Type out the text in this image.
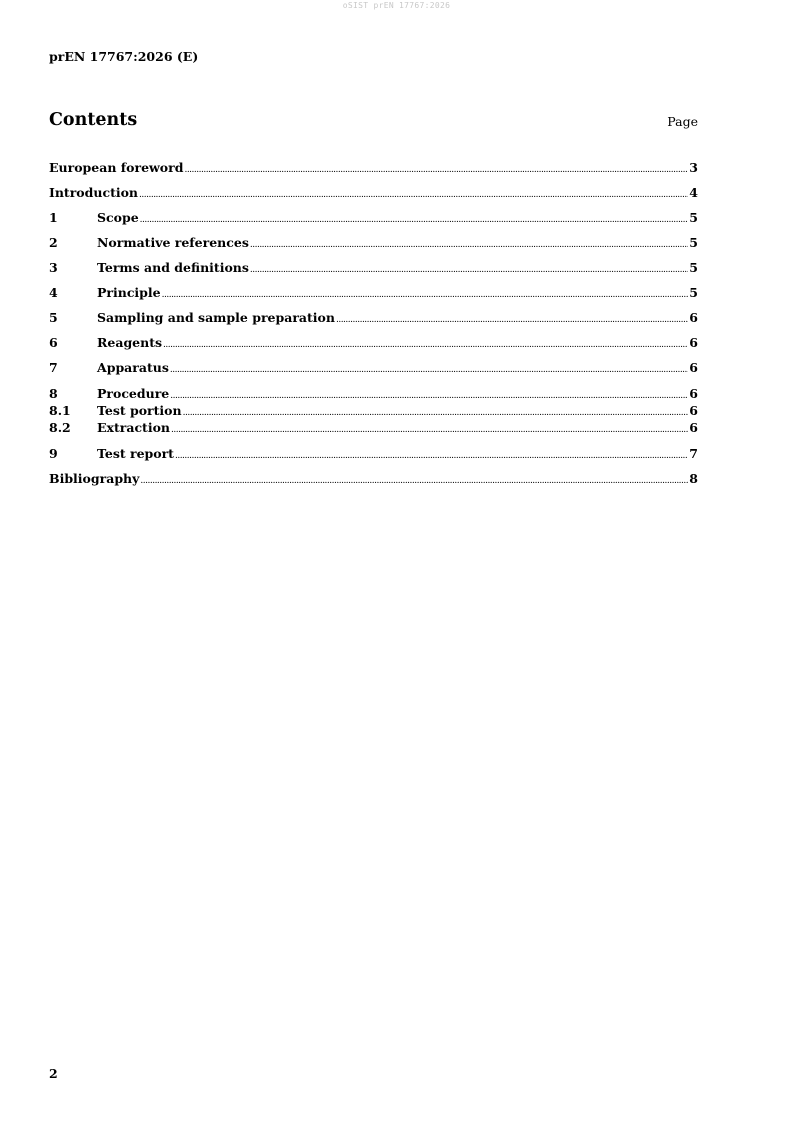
oSIST prEN 17767:2026
prEN 17767:2026 (E)
Contents	Page
European foreword .....	3
Introduction .....	4
1	Scope .....	5
2	Normative references .....	5
3	Terms and definitions .....	5
4	Principle .....	5
5	Sampling and sample preparation .....	6
6	Reagents .....	6
7	Apparatus .....	6
8	Procedure .....	6
8.1	Test portion .....	6
8.2	Extraction .....	6
9	Test report .....	7
Bibliography .....	8
2
